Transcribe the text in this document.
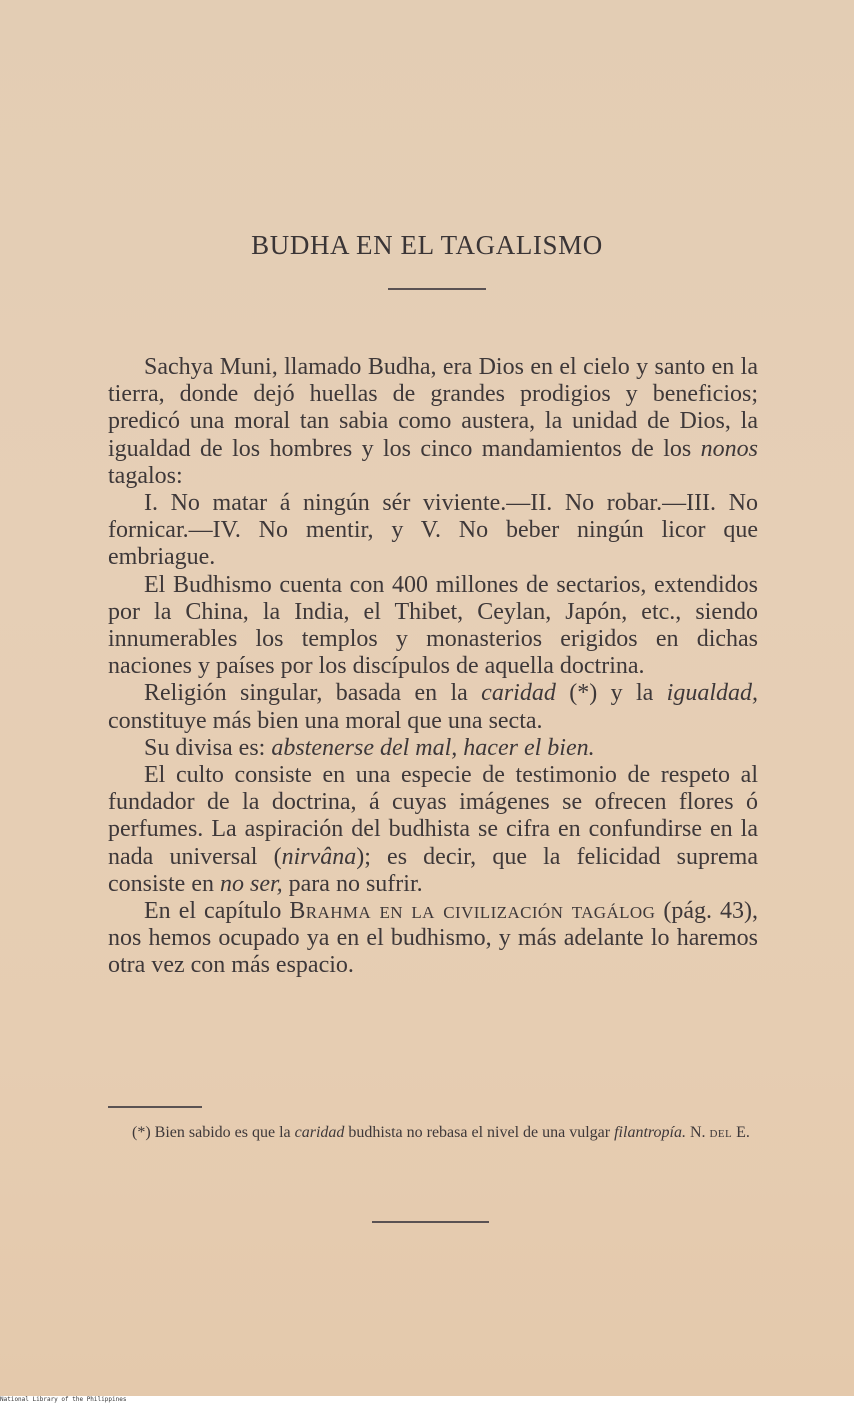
BUDHA EN EL TAGALISMO

Sachya Muni, llamado Budha, era Dios en el cielo y santo en la tierra, donde dejó huellas de grandes prodigios y beneficios; predicó una moral tan sabia como austera, la unidad de Dios, la igualdad de los hombres y los cinco mandamientos de los nonos tagalos:

I. No matar á ningún sér viviente.—II. No robar.—III. No fornicar.—IV. No mentir, y V. No beber ningún licor que embriague.

El Budhismo cuenta con 400 millones de sectarios, extendidos por la China, la India, el Thibet, Ceylan, Japón, etc., siendo innumerables los templos y monasterios erigidos en dichas naciones y países por los discípulos de aquella doctrina.

Religión singular, basada en la caridad (*) y la igualdad, constituye más bien una moral que una secta.

Su divisa es: abstenerse del mal, hacer el bien.

El culto consiste en una especie de testimonio de respeto al fundador de la doctrina, á cuyas imágenes se ofrecen flores ó perfumes. La aspiración del budhista se cifra en confundirse en la nada universal (nirvâna); es decir, que la felicidad suprema consiste en no ser, para no sufrir.

En el capítulo Brahma en la civilización tagálog (pág. 43), nos hemos ocupado ya en el budhismo, y más adelante lo haremos otra vez con más espacio.

(*) Bien sabido es que la caridad budhista no rebasa el nivel de una vulgar filantropía. N. del E.

National Library of the Philippines
